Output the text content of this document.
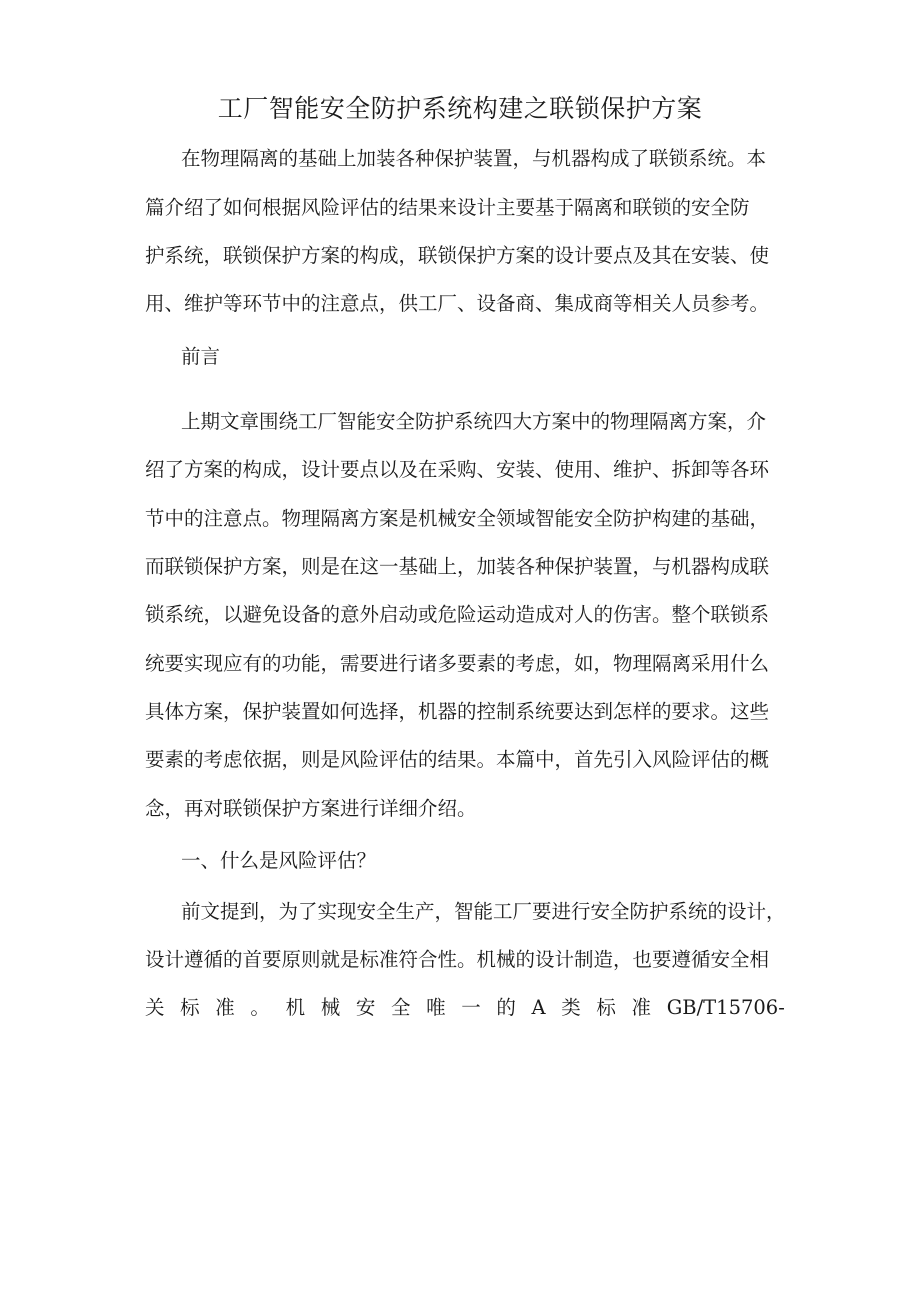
工厂智能安全防护系统构建之联锁保护方案
在物理隔离的基础上加装各种保护装置，与机器构成了联锁系统。本
篇介绍了如何根据风险评估的结果来设计主要基于隔离和联锁的安全防
护系统，联锁保护方案的构成，联锁保护方案的设计要点及其在安装、使
用、维护等环节中的注意点，供工厂、设备商、集成商等相关人员参考。
前言
上期文章围绕工厂智能安全防护系统四大方案中的物理隔离方案，介
绍了方案的构成，设计要点以及在采购、安装、使用、维护、拆卸等各环
节中的注意点。物理隔离方案是机械安全领域智能安全防护构建的基础，
而联锁保护方案，则是在这一基础上，加装各种保护装置，与机器构成联
锁系统，以避免设备的意外启动或危险运动造成对人的伤害。整个联锁系
统要实现应有的功能，需要进行诸多要素的考虑，如，物理隔离采用什么
具体方案，保护装置如何选择，机器的控制系统要达到怎样的要求。这些
要素的考虑依据，则是风险评估的结果。本篇中，首先引入风险评估的概
念，再对联锁保护方案进行详细介绍。
一、什么是风险评估？
前文提到，为了实现安全生产，智能工厂要进行安全防护系统的设计，
设计遵循的首要原则就是标准符合性。机械的设计制造，也要遵循安全相
关 标 准 。 机 械 安 全 唯 一 的 A 类 标 准 GB/T15706-
